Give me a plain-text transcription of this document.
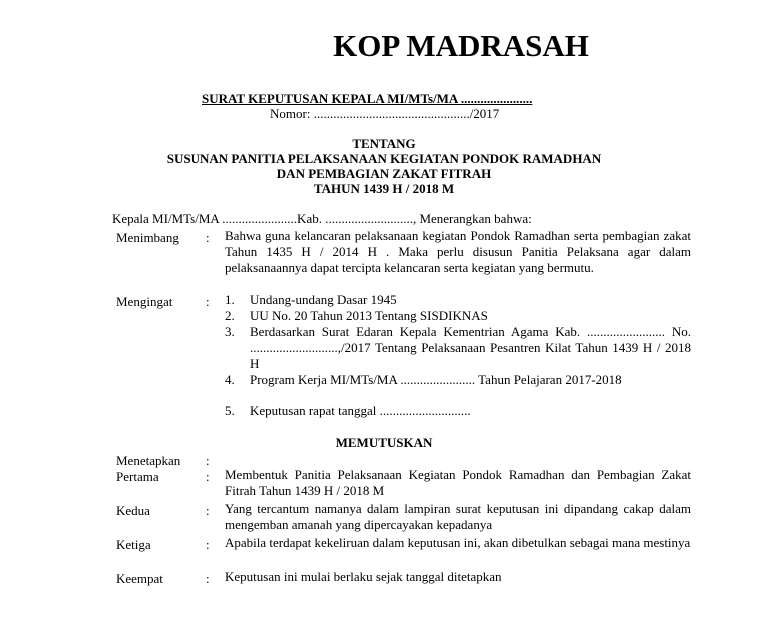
KOP MADRASAH
SURAT KEPUTUSAN KEPALA MI/MTs/MA ......................
Nomor: ................................................/2017
TENTANG
SUSUNAN PANITIA PELAKSANAAN KEGIATAN PONDOK RAMADHAN
DAN PEMBAGIAN ZAKAT FITRAH
TAHUN 1439 H / 2018 M
Kepala MI/MTs/MA .......................Kab. ..........................., Menerangkan bahwa:
Menimbang : Bahwa guna kelancaran pelaksanaan kegiatan Pondok Ramadhan serta pembagian zakat Tahun 1435 H / 2014 H . Maka perlu disusun Panitia Pelaksana agar dalam pelaksanaannya dapat tercipta kelancaran serta kegiatan yang bermutu.
Mengingat	: 1. Undang-undang Dasar 1945
2. UU No. 20 Tahun 2013 Tentang SISDIKNAS
3. Berdasarkan Surat Edaran Kepala Kementrian Agama Kab. ........................ No. ...........................,/2017 Tentang Pelaksanaan Pesantren Kilat Tahun 1439 H / 2018 H
4. Program Kerja MI/MTs/MA ....................... Tahun Pelajaran 2017-2018
5. Keputusan rapat tanggal ............................
MEMUTUSKAN
Menetapkan :
Pertama	: Membentuk Panitia Pelaksanaan Kegiatan Pondok Ramadhan dan Pembagian Zakat Fitrah Tahun 1439 H / 2018 M
Kedua	: Yang tercantum namanya dalam lampiran surat keputusan ini dipandang cakap dalam mengemban amanah yang dipercayakan kepadanya
Ketiga	: Apabila terdapat kekeliruan dalam keputusan ini, akan dibetulkan sebagai mana mestinya
Keempat	: Keputusan ini mulai berlaku sejak tanggal ditetapkan
